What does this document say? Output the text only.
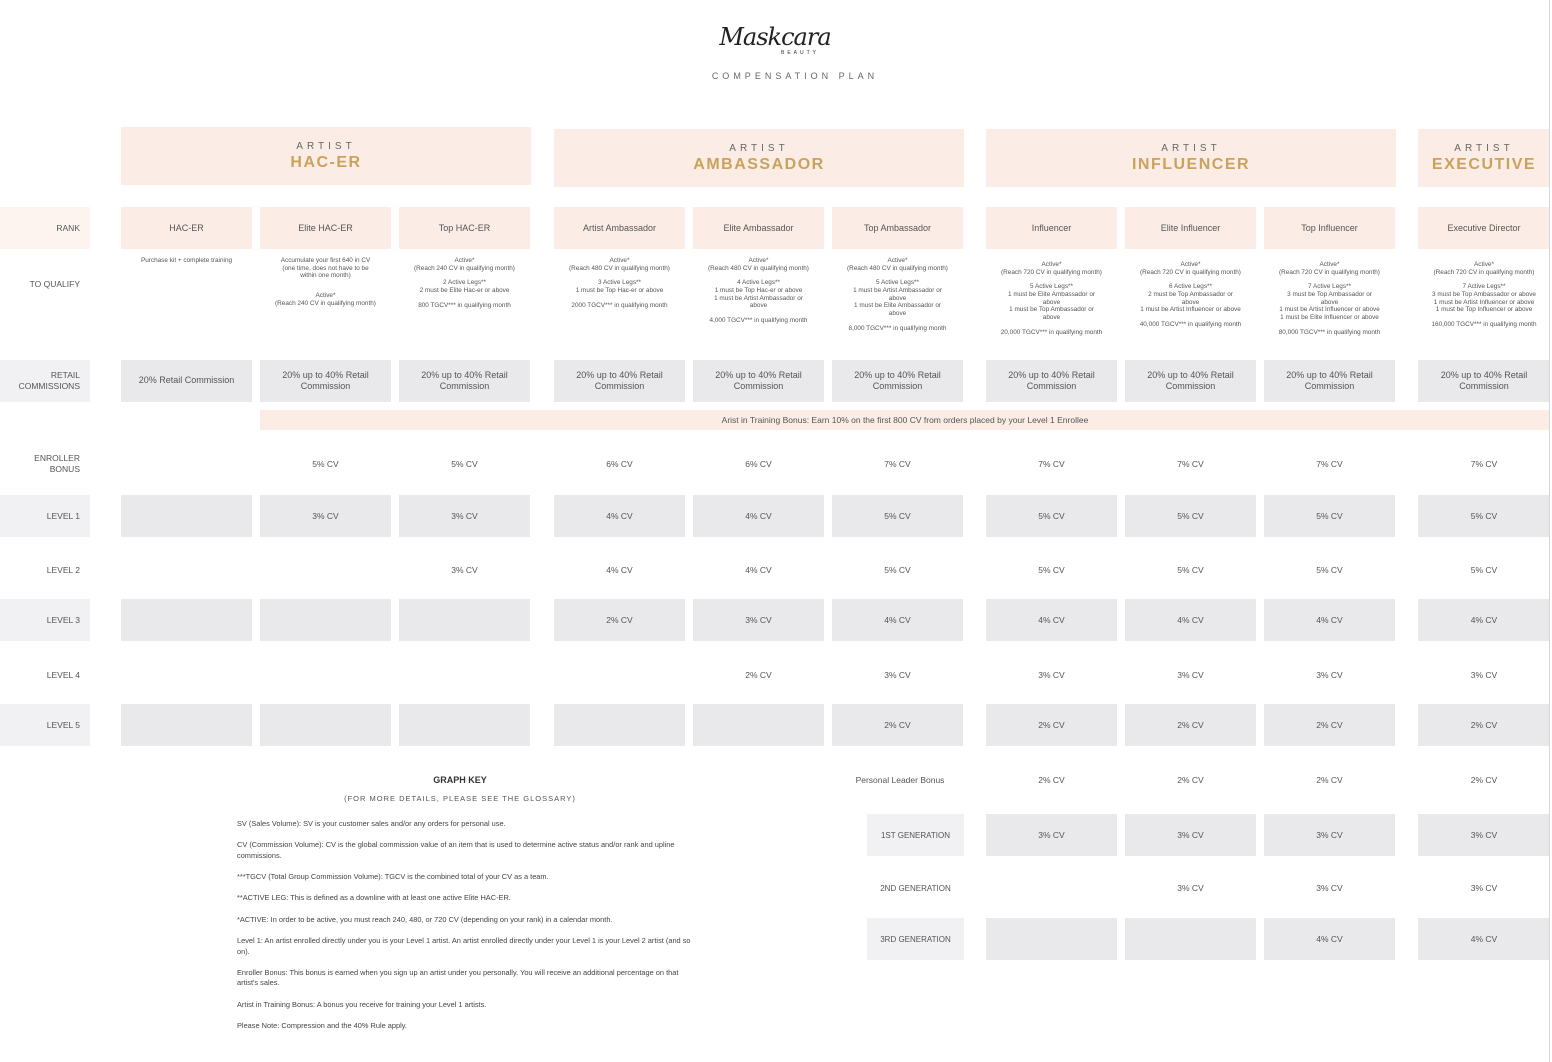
Maskcara
BEAUTY
COMPENSATION PLAN
ARTIST
HAC-ER
ARTIST
AMBASSADOR
ARTIST
INFLUENCER
ARTIST
EXECUTIVE
RANK
TO QUALIFY
RETAIL
COMMISSIONS
ENROLLER
BONUS
LEVEL 1
LEVEL 2
LEVEL 3
LEVEL 4
LEVEL 5
Arist in Training Bonus: Earn 10% on the first 800 CV from orders placed by your Level 1 Enrollee
Personal Leader Bonus
1ST GENERATION
2ND GENERATION
3RD GENERATION
HAC-ER

Purchase kit + complete training

20% Retail Commission
Elite HAC-ER

Accumulate your first 640 in CV
(one time, does not have to be
within one month)

Active*
(Reach 240 CV in qualifying month)

20% up to 40% Retail Commission
5% CV
3% CV
Top HAC-ER

Active*
(Reach 240 CV in qualifying month)

2 Active Legs**
2 must be Elite Hac-er or above

800 TGCV*** in qualifying month

20% up to 40% Retail Commission
5% CV
3% CV
3% CV
Artist Ambassador

Active*
(Reach 480 CV in qualifying month)

3 Active Legs**
1 must be Top Hac-er or above

2000 TGCV*** in qualifying month

20% up to 40% Retail Commission
6% CV
4% CV
4% CV
2% CV
Elite Ambassador

Active*
(Reach 480 CV in qualifying month)

4 Active Legs**
1 must be Top Hac-er or above
1 must be Artist Ambassador or
above

4,000 TGCV*** in qualifying month

20% up to 40% Retail Commission
6% CV
4% CV
4% CV
3% CV
2% CV
Top Ambassador

Active*
(Reach 480 CV in qualifying month)

5 Active Legs**
1 must be Artist Ambassador or
above
1 must be Elite Ambassador or
above

8,000 TGCV*** in qualifying month

20% up to 40% Retail Commission
7% CV
5% CV
5% CV
4% CV
3% CV
2% CV
Influencer

Active*
(Reach 720 CV in qualifying month)

5 Active Legs**
1 must be Elite Ambassador or
above
1 must be Top Ambassador or
above

20,000 TGCV*** in qualifying month

20% up to 40% Retail Commission
7% CV
5% CV
5% CV
4% CV
3% CV
2% CV
2% CV
3% CV
Elite Influencer

Active*
(Reach 720 CV in qualifying month)

6 Active Legs**
2 must be Top Ambassador or
above
1 must be Artist Influencer or above

40,000 TGCV*** in qualifying month

20% up to 40% Retail Commission
7% CV
5% CV
5% CV
4% CV
3% CV
2% CV
2% CV
3% CV
3% CV
Top Influencer

Active*
(Reach 720 CV in qualifying month)

7 Active Legs**
3 must be Top Ambassador or
above
1 must be Artist Influencer or above
1 must be Elite Influencer or above

80,000 TGCV*** in qualifying month

20% up to 40% Retail Commission
7% CV
5% CV
5% CV
4% CV
3% CV
2% CV
2% CV
3% CV
3% CV
4% CV
Executive Director

Active*
(Reach 720 CV in qualifying month)

7 Active Legs**
3 must be Top Ambassador or above
1 must be Artist Influencer or above
1 must be Top Influencer or above

160,000 TGCV*** in qualifying month

20% up to 40% Retail Commission
7% CV
5% CV
5% CV
4% CV
3% CV
2% CV
2% CV
3% CV
3% CV
4% CV
GRAPH KEY
(FOR MORE DETAILS, PLEASE SEE THE GLOSSARY)

SV (Sales Volume): SV is your customer sales and/or any orders for personal use.

CV (Commission Volume): CV is the global commission value of an item that is used to determine active status and/or rank and upline commissions.

***TGCV (Total Group Commission Volume): TGCV is the combined total of your CV as a team.

**ACTIVE LEG: This is defined as a downline with at least one active Elite HAC-ER.

*ACTIVE: In order to be active, you must reach 240, 480, or 720 CV (depending on your rank) in a calendar month.

Level 1: An artist enrolled directly under you is your Level 1 artist. An artist enrolled directly under your Level 1 is your Level 2 artist (and so on).

Enroller Bonus: This bonus is earned when you sign up an artist under you personally. You will receive an additional percentage on that artist's sales.

Artist in Training Bonus: A bonus you receive for training your Level 1 artists.

Please Note: Compression and the 40% Rule apply.
